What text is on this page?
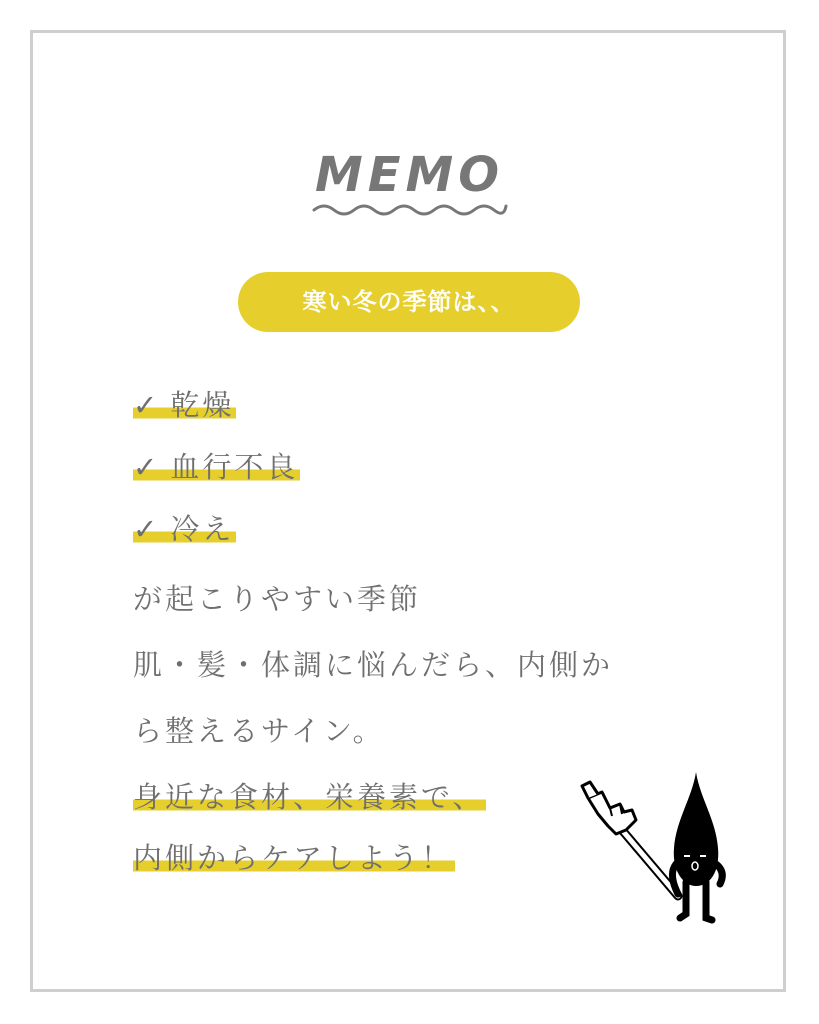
MEMO
寒い冬の季節は、、
✓ 乾燥
✓ 血行不良
✓ 冷え
が起こりやすい季節
肌・髪・体調に悩んだら、内側か
ら整えるサイン。
身近な食材、栄養素で、
内側からケアしよう！
